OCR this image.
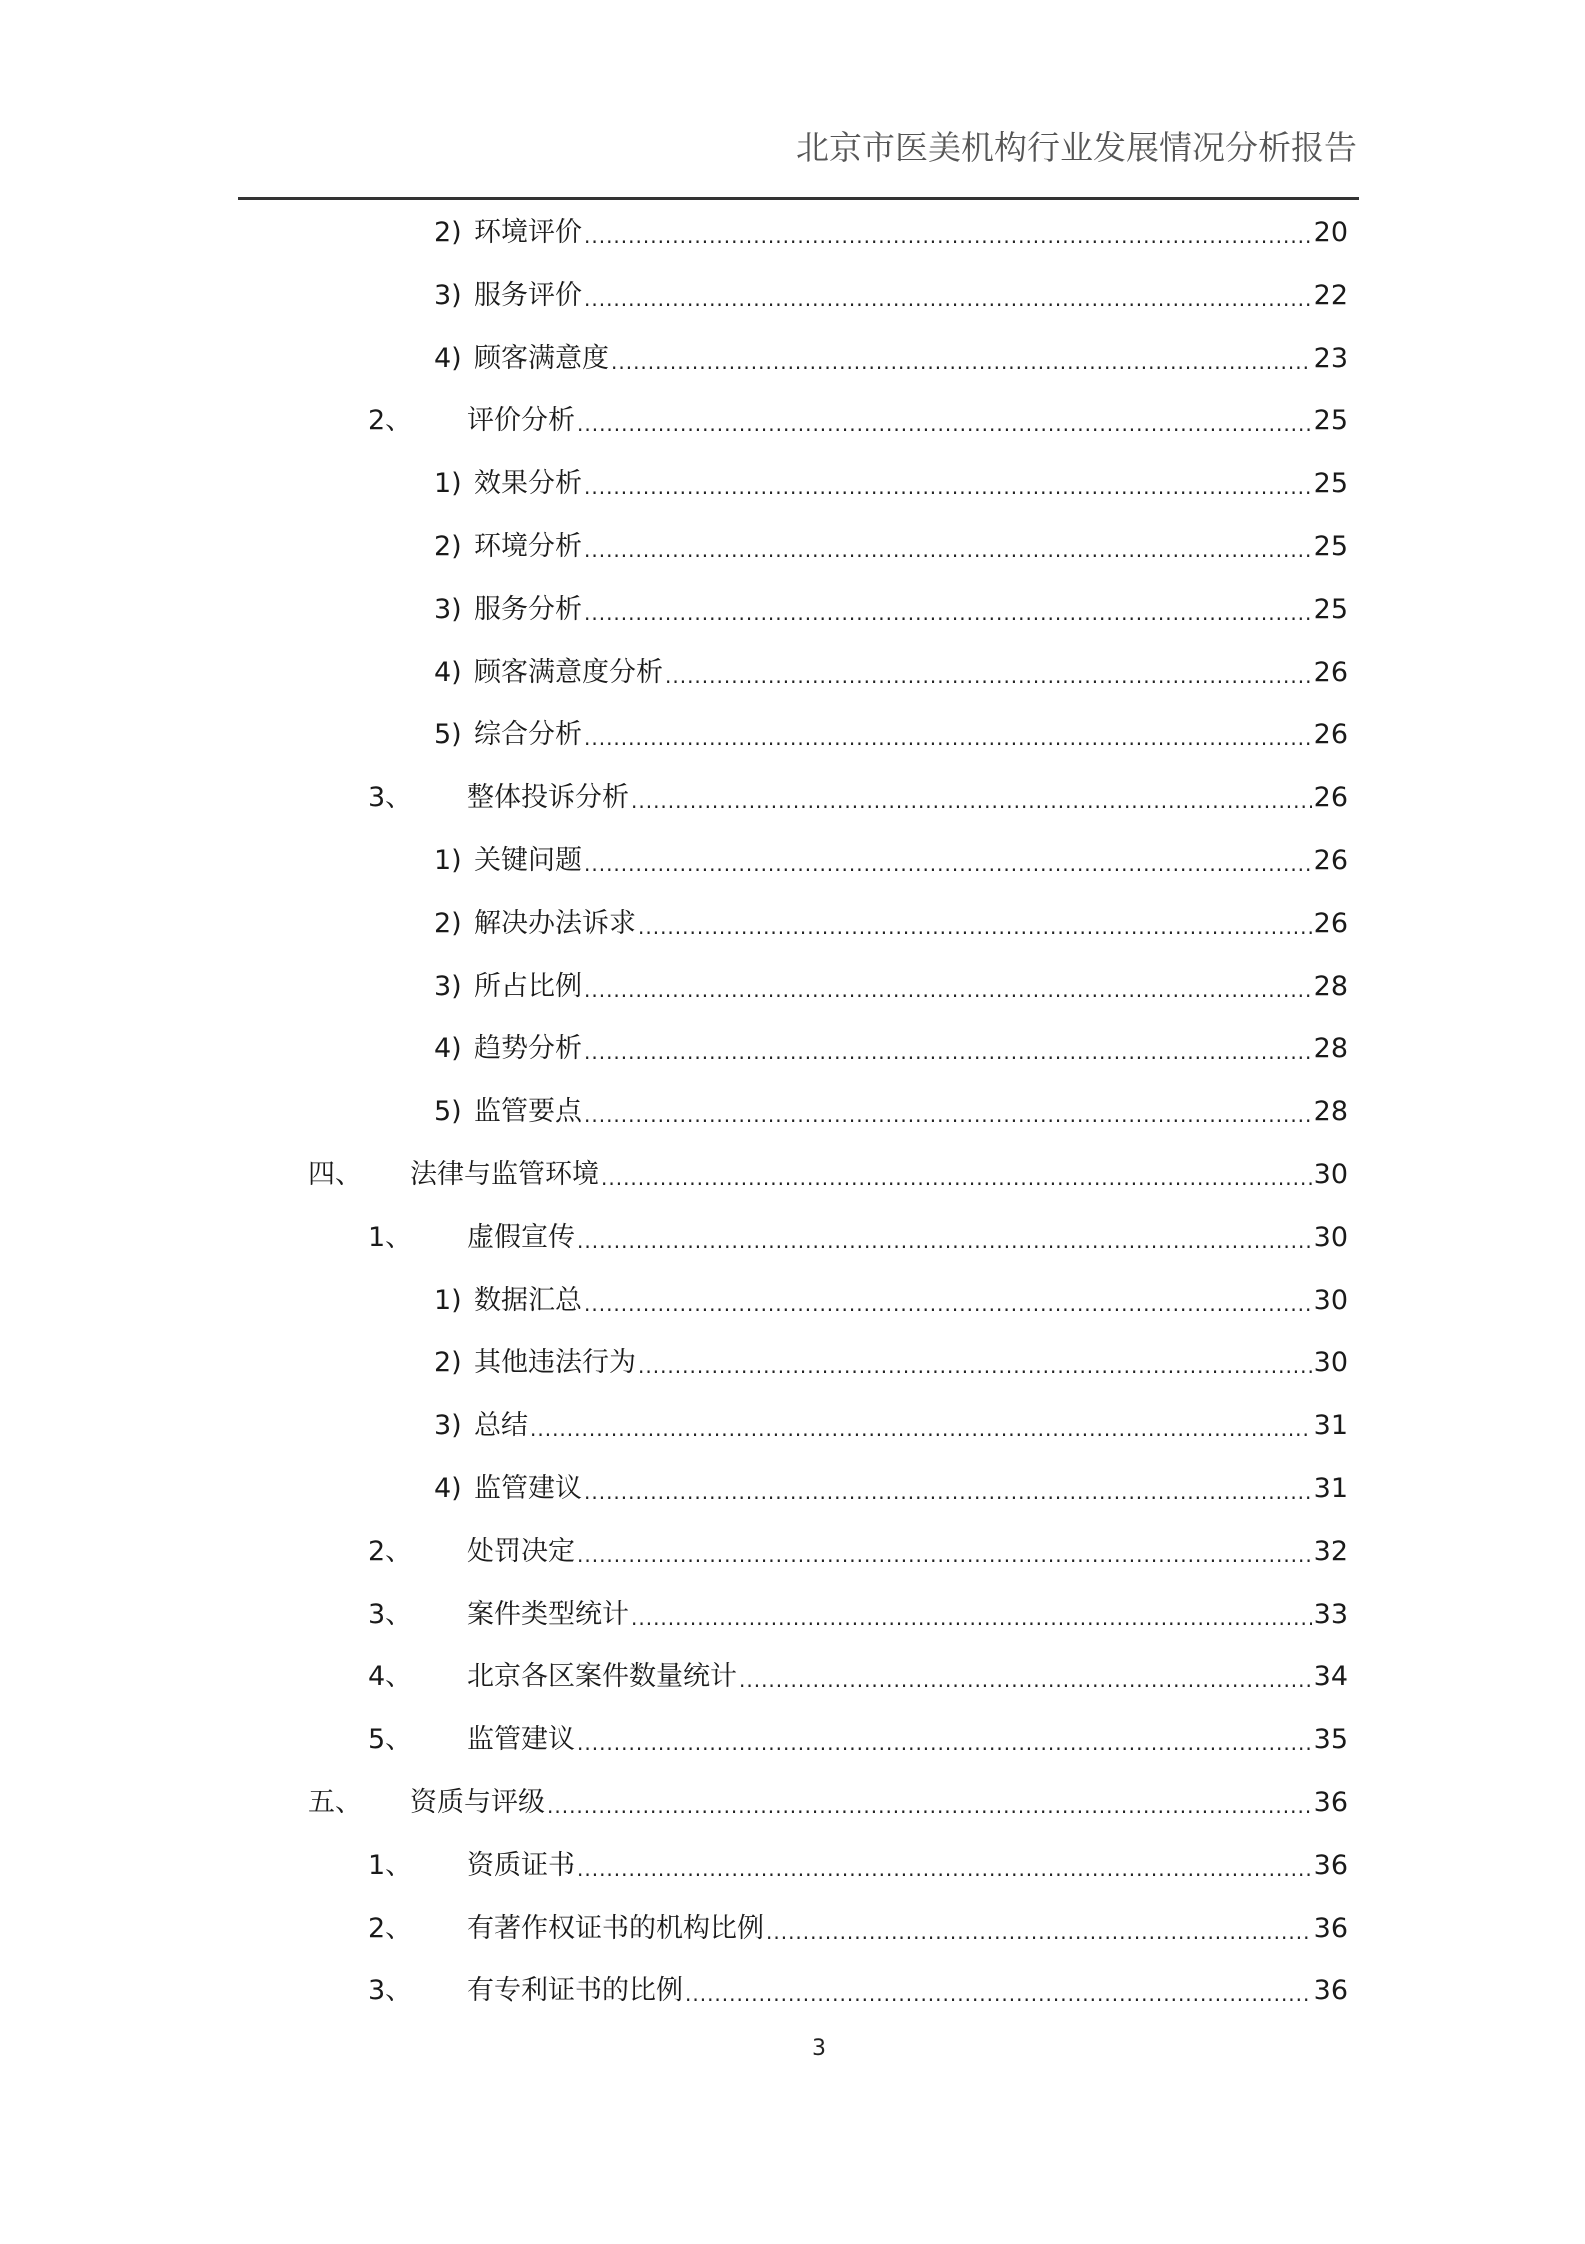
北京市医美机构行业发展情况分析报告
2) 环境评价 .....	20
3) 服务评价 .....	22
4) 顾客满意度 .....	23
2、	评价分析 .....	25
1) 效果分析 .....	25
2) 环境分析 .....	25
3) 服务分析 .....	25
4) 顾客满意度分析 .....	26
5) 综合分析 .....	26
3、	整体投诉分析 .....	26
1) 关键问题 .....	26
2) 解决办法诉求 .....	26
3) 所占比例 .....	28
4) 趋势分析 .....	28
5) 监管要点 .....	28
四、	法律与监管环境 .....	30
1、	虚假宣传 .....	30
1) 数据汇总 .....	30
2) 其他违法行为 .....	30
3) 总结 .....	31
4) 监管建议 .....	31
2、	处罚决定 .....	32
3、	案件类型统计 .....	33
4、	北京各区案件数量统计 .....	34
5、	监管建议 .....	35
五、	资质与评级 .....	36
1、	资质证书 .....	36
2、	有著作权证书的机构比例 .....	36
3、	有专利证书的比例 .....	36
3
